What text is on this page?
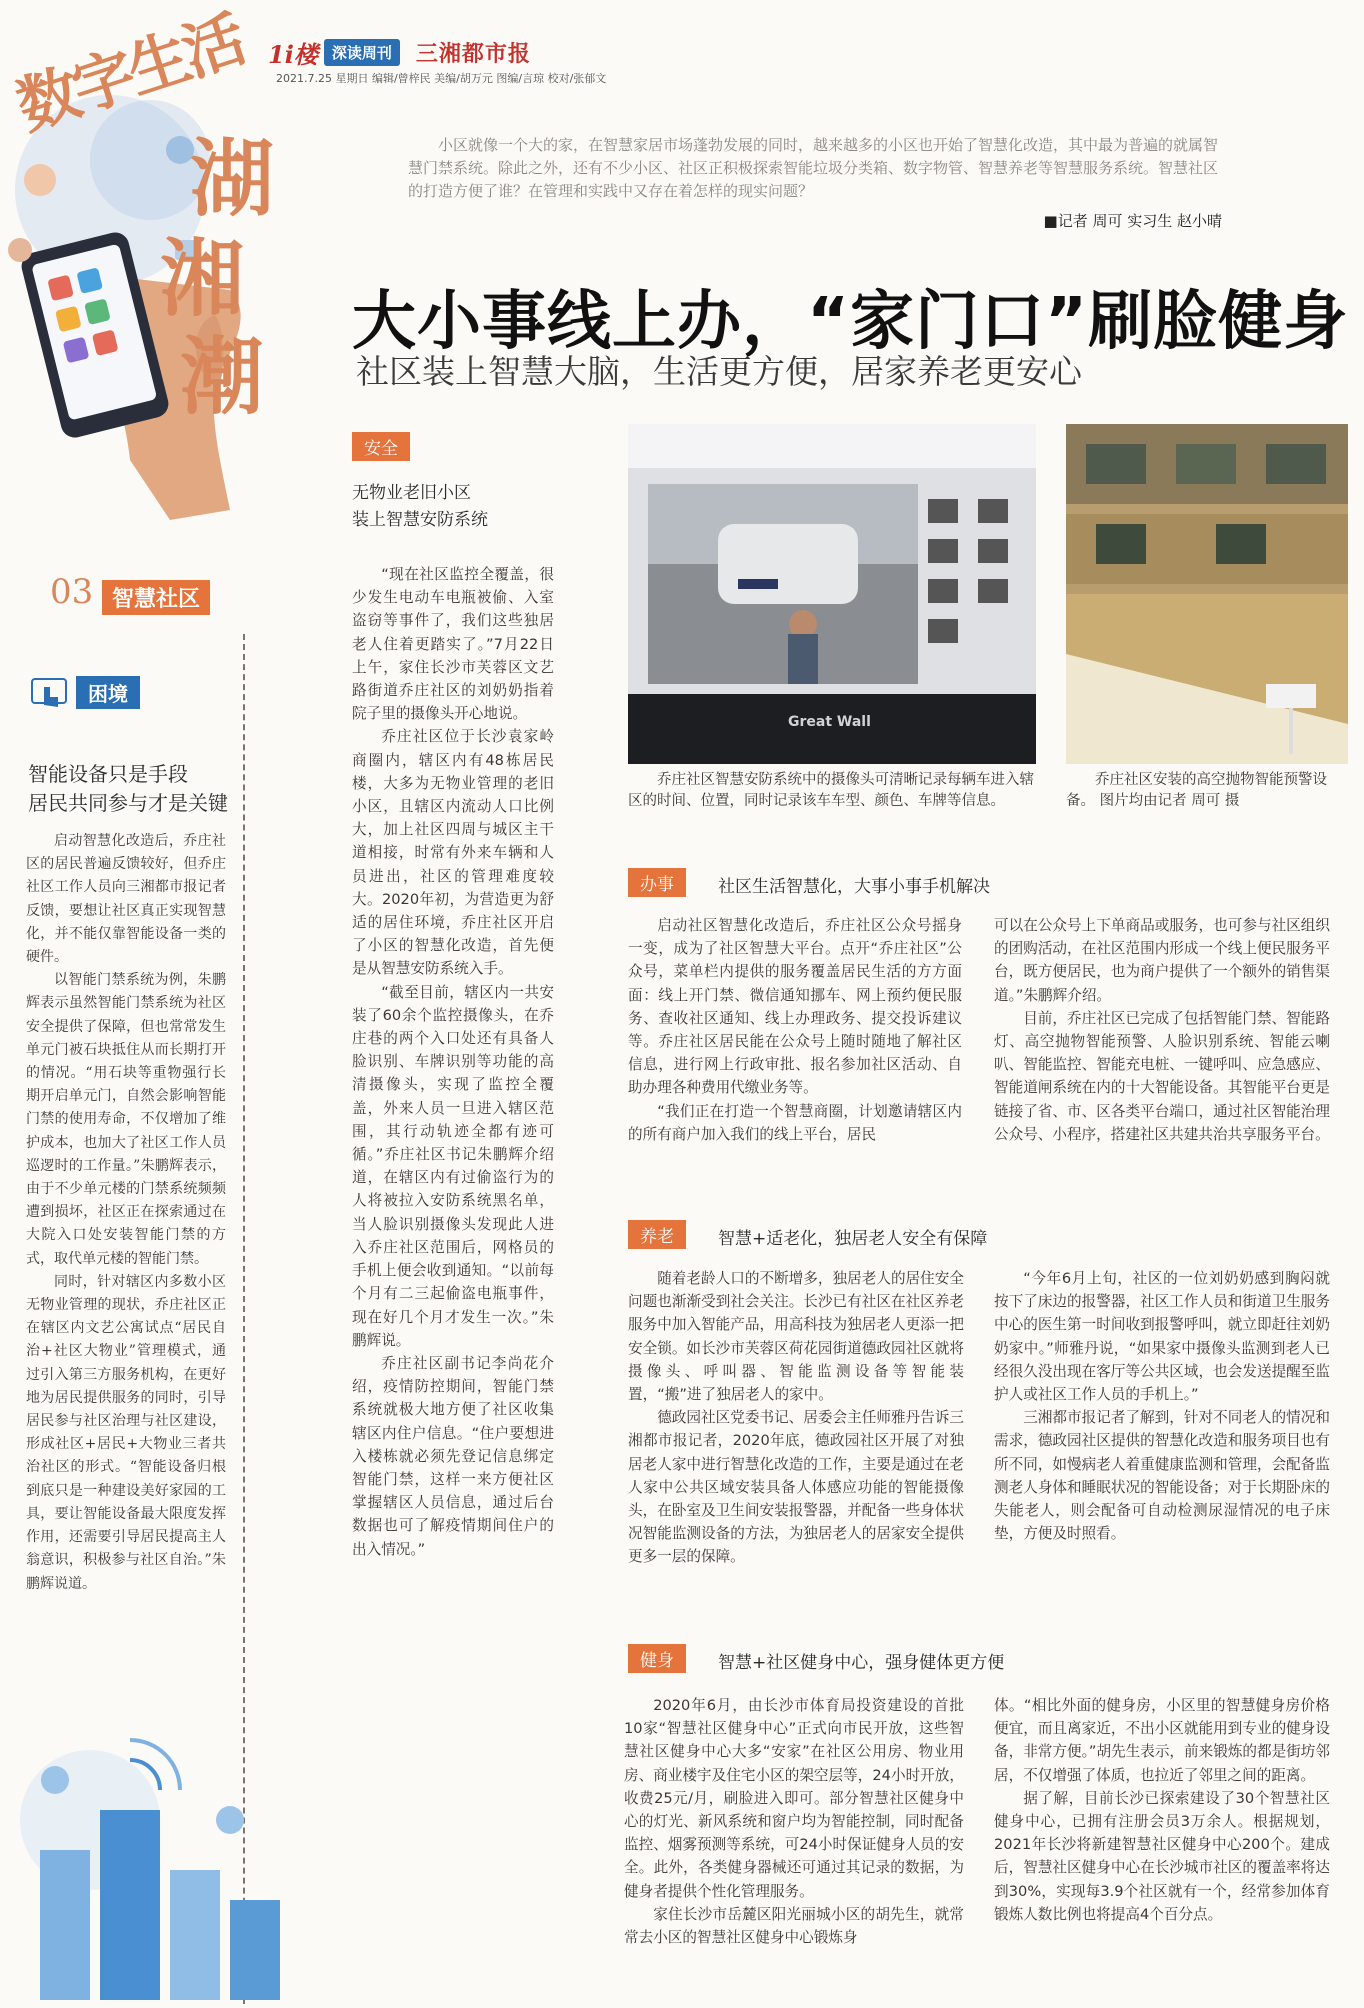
1i楼 深读周刊	三湘都市报
2021.7.25 星期日 编辑/曾梓民 美编/胡万元 图编/言琼 校对/张郁文
数字生活
湖
湘
潮
03 智慧社区
小区就像一个大的家，在智慧家居市场蓬勃发展的同时，越来越多的小区也开始了智慧化改造，其中最为普遍的就属智慧门禁系统。除此之外，还有不少小区、社区正积极探索智能垃圾分类箱、数字物管、智慧养老等智慧服务系统。智慧社区的打造方便了谁？在管理和实践中又存在着怎样的现实问题？
■记者 周可 实习生 赵小晴
大小事线上办，“家门口”刷脸健身
社区装上智慧大脑，生活更方便，居家养老更安心
困境
智能设备只是手段
居民共同参与才是关键

启动智慧化改造后，乔庄社区的居民普遍反馈较好，但乔庄社区工作人员向三湘都市报记者反馈，要想让社区真正实现智慧化，并不能仅靠智能设备一类的硬件。

以智能门禁系统为例，朱鹏辉表示虽然智能门禁系统为社区安全提供了保障，但也常常发生单元门被石块抵住从而长期打开的情况。“用石块等重物强行长期开启单元门，自然会影响智能门禁的使用寿命，不仅增加了维护成本，也加大了社区工作人员巡逻时的工作量。”朱鹏辉表示，由于不少单元楼的门禁系统频频遭到损坏，社区正在探索通过在大院入口处安装智能门禁的方式，取代单元楼的智能门禁。

同时，针对辖区内多数小区无物业管理的现状，乔庄社区正在辖区内文艺公寓试点“居民自治+社区大物业”管理模式，通过引入第三方服务机构，在更好地为居民提供服务的同时，引导居民参与社区治理与社区建设，形成社区+居民+大物业三者共治社区的形式。“智能设备归根到底只是一种建设美好家园的工具，要让智能设备最大限度发挥作用，还需要引导居民提高主人翁意识，积极参与社区自治。”朱鹏辉说道。

安全
无物业老旧小区
装上智慧安防系统

“现在社区监控全覆盖，很少发生电动车电瓶被偷、入室盗窃等事件了，我们这些独居老人住着更踏实了。”7月22日上午，家住长沙市芙蓉区文艺路街道乔庄社区的刘奶奶指着院子里的摄像头开心地说。

乔庄社区位于长沙袁家岭商圈内，辖区内有48栋居民楼，大多为无物业管理的老旧小区，且辖区内流动人口比例大，加上社区四周与城区主干道相接，时常有外来车辆和人员进出，社区的管理难度较大。2020年初，为营造更为舒适的居住环境，乔庄社区开启了小区的智慧化改造，首先便是从智慧安防系统入手。

“截至目前，辖区内一共安装了60余个监控摄像头，在乔庄巷的两个入口处还有具备人脸识别、车牌识别等功能的高清摄像头，实现了监控全覆盖，外来人员一旦进入辖区范围，其行动轨迹全都有迹可循。”乔庄社区书记朱鹏辉介绍道，在辖区内有过偷盗行为的人将被拉入安防系统黑名单，当人脸识别摄像头发现此人进入乔庄社区范围后，网格员的手机上便会收到通知。“以前每个月有二三起偷盗电瓶事件，现在好几个月才发生一次。”朱鹏辉说。

乔庄社区副书记李尚花介绍，疫情防控期间，智能门禁系统就极大地方便了社区收集辖区内住户信息。“住户要想进入楼栋就必须先登记信息绑定智能门禁，这样一来方便社区掌握辖区人员信息，通过后台数据也可了解疫情期间住户的出入情况。”

Great Wall
乔庄社区智慧安防系统中的摄像头可清晰记录每辆车进入辖区的时间、位置，同时记录该车车型、颜色、车牌等信息。
乔庄社区安装的高空抛物智能预警设备。 图片均由记者 周可 摄
办事	社区生活智慧化，大事小事手机解决

启动社区智慧化改造后，乔庄社区公众号摇身一变，成为了社区智慧大平台。点开“乔庄社区”公众号，菜单栏内提供的服务覆盖居民生活的方方面面：线上开门禁、微信通知挪车、网上预约便民服务、查收社区通知、线上办理政务、提交投诉建议等。乔庄社区居民能在公众号上随时随地了解社区信息，进行网上行政审批、报名参加社区活动、自助办理各种费用代缴业务等。

“我们正在打造一个智慧商圈，计划邀请辖区内的所有商户加入我们的线上平台，居民

可以在公众号上下单商品或服务，也可参与社区组织的团购活动，在社区范围内形成一个线上便民服务平台，既方便居民，也为商户提供了一个额外的销售渠道。”朱鹏辉介绍。

目前，乔庄社区已完成了包括智能门禁、智能路灯、高空抛物智能预警、人脸识别系统、智能云喇叭、智能监控、智能充电桩、一键呼叫、应急感应、智能道闸系统在内的十大智能设备。其智能平台更是链接了省、市、区各类平台端口，通过社区智能治理公众号、小程序，搭建社区共建共治共享服务平台。

养老	智慧+适老化，独居老人安全有保障

随着老龄人口的不断增多，独居老人的居住安全问题也渐渐受到社会关注。长沙已有社区在社区养老服务中加入智能产品，用高科技为独居老人更添一把安全锁。如长沙市芙蓉区荷花园街道德政园社区就将摄像头、呼叫器、智能监测设备等智能装置，“搬”进了独居老人的家中。

德政园社区党委书记、居委会主任师雅丹告诉三湘都市报记者，2020年底，德政园社区开展了对独居老人家中进行智慧化改造的工作，主要是通过在老人家中公共区域安装具备人体感应功能的智能摄像头，在卧室及卫生间安装报警器，并配备一些身体状况智能监测设备的方法，为独居老人的居家安全提供更多一层的保障。

“今年6月上旬，社区的一位刘奶奶感到胸闷就按下了床边的报警器，社区工作人员和街道卫生服务中心的医生第一时间收到报警呼叫，就立即赶往刘奶奶家中。”师雅丹说，“如果家中摄像头监测到老人已经很久没出现在客厅等公共区域，也会发送提醒至监护人或社区工作人员的手机上。”

三湘都市报记者了解到，针对不同老人的情况和需求，德政园社区提供的智慧化改造和服务项目也有所不同，如慢病老人着重健康监测和管理，会配备监测老人身体和睡眠状况的智能设备；对于长期卧床的失能老人，则会配备可自动检测尿湿情况的电子床垫，方便及时照看。

健身	智慧+社区健身中心，强身健体更方便

2020年6月，由长沙市体育局投资建设的首批10家“智慧社区健身中心”正式向市民开放，这些智慧社区健身中心大多“安家”在社区公用房、物业用房、商业楼宇及住宅小区的架空层等，24小时开放，收费25元/月，刷脸进入即可。部分智慧社区健身中心的灯光、新风系统和窗户均为智能控制，同时配备监控、烟雾预测等系统，可24小时保证健身人员的安全。此外，各类健身器械还可通过其记录的数据，为健身者提供个性化管理服务。

家住长沙市岳麓区阳光丽城小区的胡先生，就常常去小区的智慧社区健身中心锻炼身

体。“相比外面的健身房，小区里的智慧健身房价格便宜，而且离家近，不出小区就能用到专业的健身设备，非常方便。”胡先生表示，前来锻炼的都是街坊邻居，不仅增强了体质，也拉近了邻里之间的距离。

据了解，目前长沙已探索建设了30个智慧社区健身中心，已拥有注册会员3万余人。根据规划，2021年长沙将新建智慧社区健身中心200个。建成后，智慧社区健身中心在长沙城市社区的覆盖率将达到30%，实现每3.9个社区就有一个，经常参加体育锻炼人数比例也将提高4个百分点。
